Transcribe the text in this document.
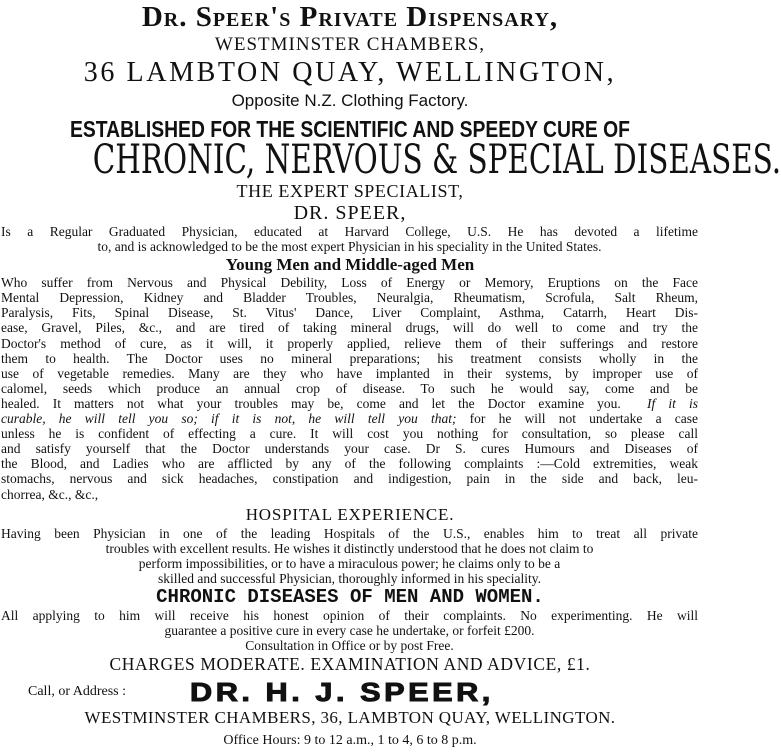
Dr. Speer's Private Dispensary,

WESTMINSTER CHAMBERS,

36 LAMBTON QUAY, WELLINGTON,

Opposite N.Z. Clothing Factory.

ESTABLISHED FOR THE SCIENTIFIC AND SPEEDY CURE OF

CHRONIC, NERVOUS & SPECIAL DISEASES.

THE EXPERT SPECIALIST,

DR. SPEER,

Is a Regular Graduated Physician, educated at Harvard College, U.S. He has devoted a lifetime

to, and is acknowledged to be the most expert Physician in his speciality in the United States.

Young Men and Middle-aged Men

Who suffer from Nervous and Physical Debility, Loss of Energy or Memory, Eruptions on the Face

Mental Depression, Kidney and Bladder Troubles, Neuralgia, Rheumatism, Scrofula, Salt Rheum,

Paralysis, Fits, Spinal Disease, St. Vitus' Dance, Liver Complaint, Asthma, Catarrh, Heart Dis-

ease, Gravel, Piles, &c., and are tired of taking mineral drugs, will do well to come and try the

Doctor's method of cure, as it will, it properly applied, relieve them of their sufferings and restore

them to health. The Doctor uses no mineral preparations; his treatment consists wholly in the

use of vegetable remedies. Many are they who have implanted in their systems, by improper use of

calomel, seeds which produce an annual crop of disease. To such he would say, come and be

healed. It matters not what your troubles may be, come and let the Doctor examine you. If it is

curable, he will tell you so; if it is not, he will tell you that; for he will not undertake a case

unless he is confident of effecting a cure. It will cost you nothing for consultation, so please call

and satisfy yourself that the Doctor understands your case. Dr S. cures Humours and Diseases of

the Blood, and Ladies who are afflicted by any of the following complaints :—Cold extremities, weak

stomachs, nervous and sick headaches, constipation and indigestion, pain in the side and back, leu-

chorrea, &c., &c.,

HOSPITAL EXPERIENCE.

Having been Physician in one of the leading Hospitals of the U.S., enables him to treat all private

troubles with excellent results. He wishes it distinctly understood that he does not claim to

perform impossibilities, or to have a miraculous power; he claims only to be a

skilled and successful Physician, thoroughly informed in his speciality.

CHRONIC DISEASES OF MEN AND WOMEN.

All applying to him will receive his honest opinion of their complaints. No experimenting. He will

guarantee a positive cure in every case he undertake, or forfeit £200.

Consultation in Office or by post Free.

CHARGES MODERATE. EXAMINATION AND ADVICE, £1.

Call, or Address : DR. H. J. SPEER,

WESTMINSTER CHAMBERS, 36, LAMBTON QUAY, WELLINGTON.

Office Hours: 9 to 12 a.m., 1 to 4, 6 to 8 p.m.
